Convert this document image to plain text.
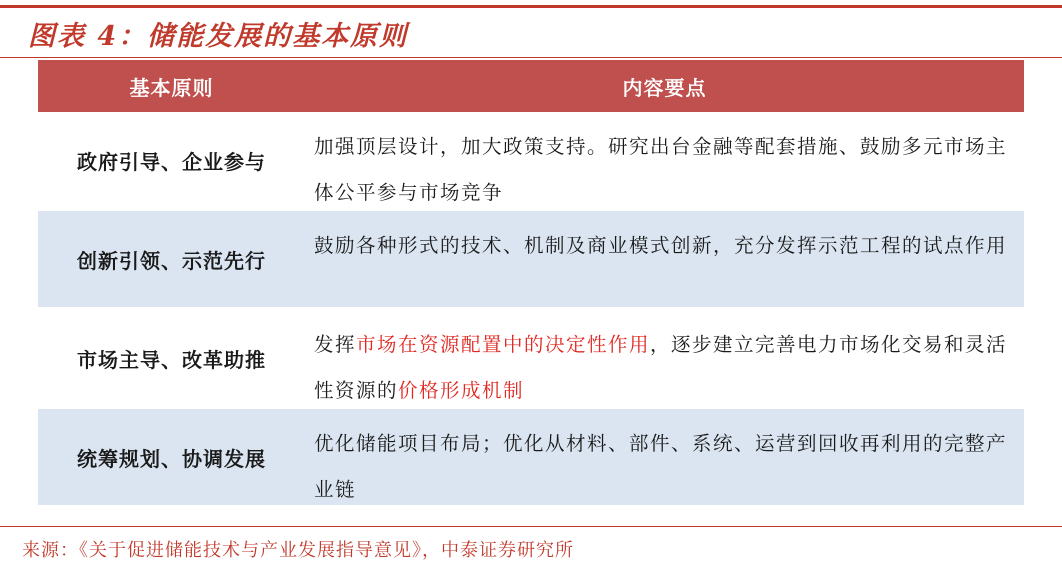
图表 4：储能发展的基本原则
基本原则	内容要点
政府引导、企业参与
加强顶层设计，加大政策支持。研究出台金融等配套措施、鼓励多元市场主体公平参与市场竞争
创新引领、示范先行
鼓励各种形式的技术、机制及商业模式创新，充分发挥示范工程的试点作用
市场主导、改革助推
发挥市场在资源配置中的决定性作用，逐步建立完善电力市场化交易和灵活性资源的价格形成机制
统筹规划、协调发展
优化储能项目布局；优化从材料、部件、系统、运营到回收再利用的完整产业链
来源：《关于促进储能技术与产业发展指导意见》，中泰证券研究所
